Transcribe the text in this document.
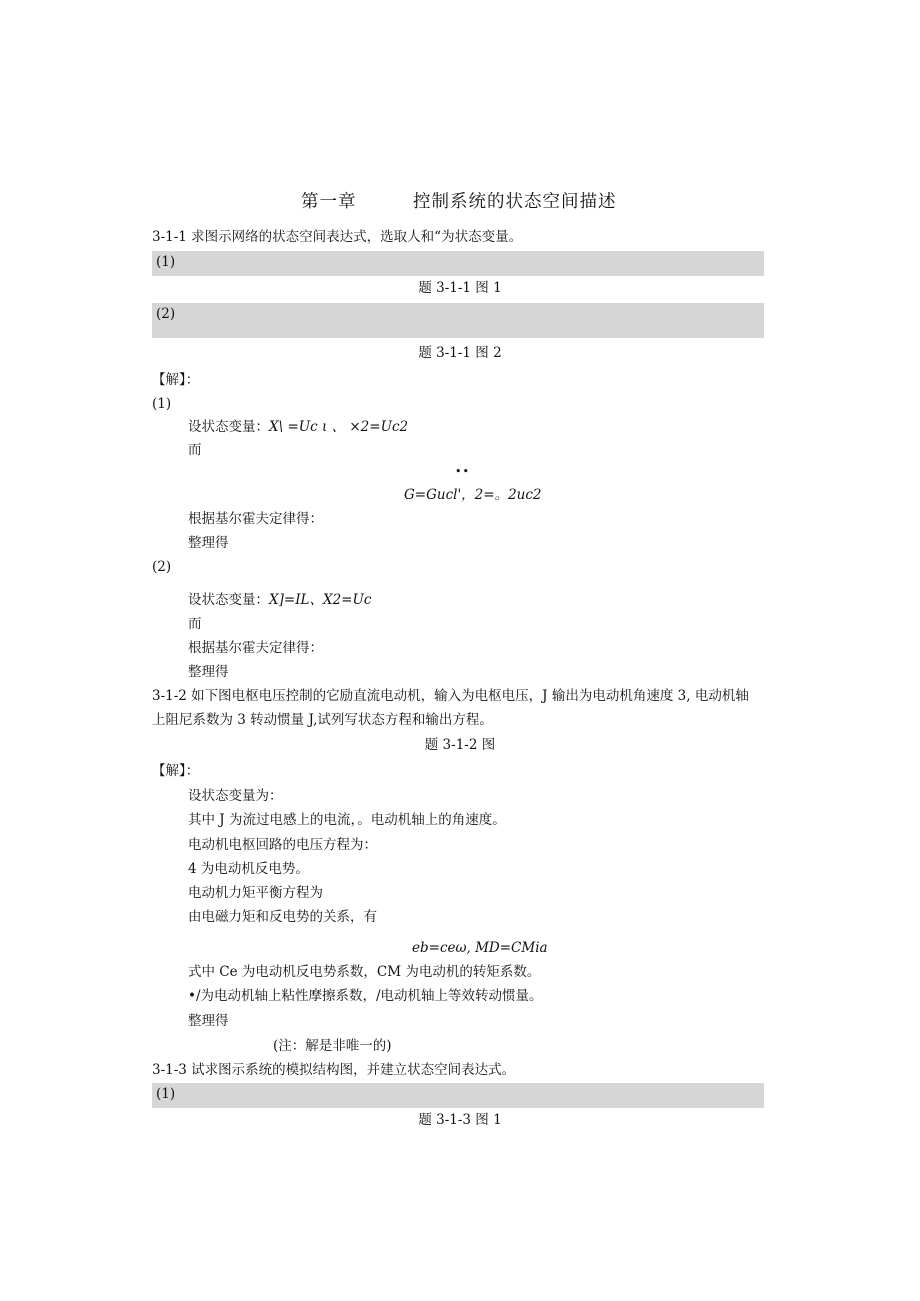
第一章	控制系统的状态空间描述
3-1-1 求图示网络的状态空间表达式，选取人和“为状态变量。
(1)
题 3-1-1 图 1
(2)
题 3-1-1 图 2
【解】：
(1)
设状态变量：X\ =Uc ι 、 ×2=Uc2
而
••
G=Gucl'，2=。2uc2
根据基尔霍夫定律得：
整理得
(2)
设状态变量：X]=IL、X2=Uc
而
根据基尔霍夫定律得：
整理得
3-1-2 如下图电枢电压控制的它励直流电动机，输入为电枢电压，J 输出为电动机角速度 3, 电动机轴
上阻尼系数为 3 转动惯量 J,试列写状态方程和输出方程。
题 3-1-2 图
【解】：
设状态变量为：
其中 J 为流过电感上的电流，。电动机轴上的角速度。
电动机电枢回路的电压方程为：
4 为电动机反电势。
电动机力矩平衡方程为
由电磁力矩和反电势的关系，有
eb=ceω, MD=CMia
式中 Ce 为电动机反电势系数，CM 为电动机的转矩系数。
•/为电动机轴上粘性摩擦系数，/电动机轴上等效转动惯量。
整理得
(注：解是非唯一的)
3-1-3 试求图示系统的模拟结构图，并建立状态空间表达式。
(1)
题 3-1-3 图 1
